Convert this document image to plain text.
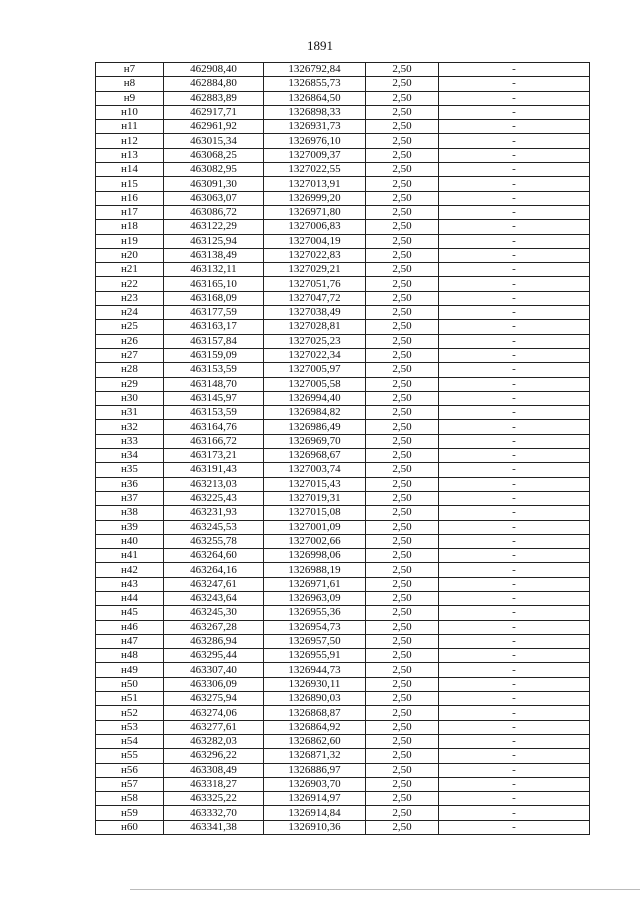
1891
н7	462908,40	1326792,84	2,50	-
н8	462884,80	1326855,73	2,50	-
н9	462883,89	1326864,50	2,50	-
н10	462917,71	1326898,33	2,50	-
н11	462961,92	1326931,73	2,50	-
н12	463015,34	1326976,10	2,50	-
н13	463068,25	1327009,37	2,50	-
н14	463082,95	1327022,55	2,50	-
н15	463091,30	1327013,91	2,50	-
н16	463063,07	1326999,20	2,50	-
н17	463086,72	1326971,80	2,50	-
н18	463122,29	1327006,83	2,50	-
н19	463125,94	1327004,19	2,50	-
н20	463138,49	1327022,83	2,50	-
н21	463132,11	1327029,21	2,50	-
н22	463165,10	1327051,76	2,50	-
н23	463168,09	1327047,72	2,50	-
н24	463177,59	1327038,49	2,50	-
н25	463163,17	1327028,81	2,50	-
н26	463157,84	1327025,23	2,50	-
н27	463159,09	1327022,34	2,50	-
н28	463153,59	1327005,97	2,50	-
н29	463148,70	1327005,58	2,50	-
н30	463145,97	1326994,40	2,50	-
н31	463153,59	1326984,82	2,50	-
н32	463164,76	1326986,49	2,50	-
н33	463166,72	1326969,70	2,50	-
н34	463173,21	1326968,67	2,50	-
н35	463191,43	1327003,74	2,50	-
н36	463213,03	1327015,43	2,50	-
н37	463225,43	1327019,31	2,50	-
н38	463231,93	1327015,08	2,50	-
н39	463245,53	1327001,09	2,50	-
н40	463255,78	1327002,66	2,50	-
н41	463264,60	1326998,06	2,50	-
н42	463264,16	1326988,19	2,50	-
н43	463247,61	1326971,61	2,50	-
н44	463243,64	1326963,09	2,50	-
н45	463245,30	1326955,36	2,50	-
н46	463267,28	1326954,73	2,50	-
н47	463286,94	1326957,50	2,50	-
н48	463295,44	1326955,91	2,50	-
н49	463307,40	1326944,73	2,50	-
н50	463306,09	1326930,11	2,50	-
н51	463275,94	1326890,03	2,50	-
н52	463274,06	1326868,87	2,50	-
н53	463277,61	1326864,92	2,50	-
н54	463282,03	1326862,60	2,50	-
н55	463296,22	1326871,32	2,50	-
н56	463308,49	1326886,97	2,50	-
н57	463318,27	1326903,70	2,50	-
н58	463325,22	1326914,97	2,50	-
н59	463332,70	1326914,84	2,50	-
н60	463341,38	1326910,36	2,50	-
